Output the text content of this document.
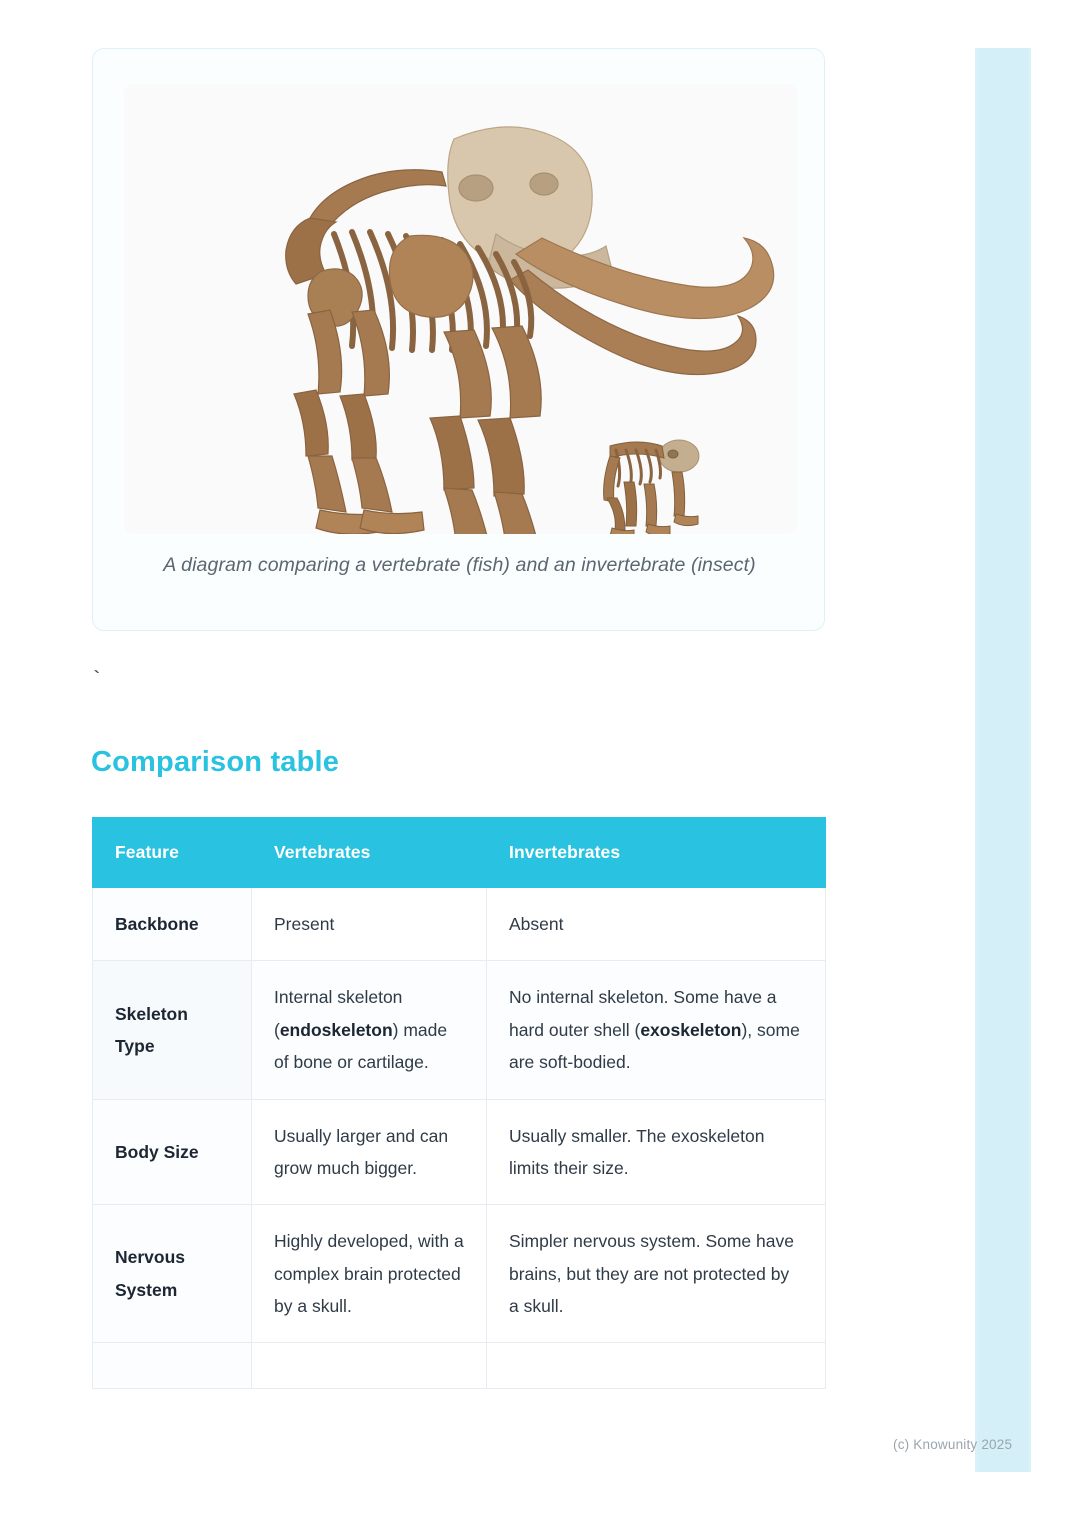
A diagram comparing a vertebrate (fish) and an invertebrate (insect)
`
Comparison table
Feature	Vertebrates	Invertebrates
Backbone	Present	Absent
Skeleton Type	Internal skeleton (endoskeleton) made of bone or cartilage.	No internal skeleton. Some have a hard outer shell (exoskeleton), some are soft-bodied.
Body Size	Usually larger and can grow much bigger.	Usually smaller. The exoskeleton limits their size.
Nervous System	Highly developed, with a complex brain protected by a skull.	Simpler nervous system. Some have brains, but they are not protected by a skull.

(c) Knowunity 2025
